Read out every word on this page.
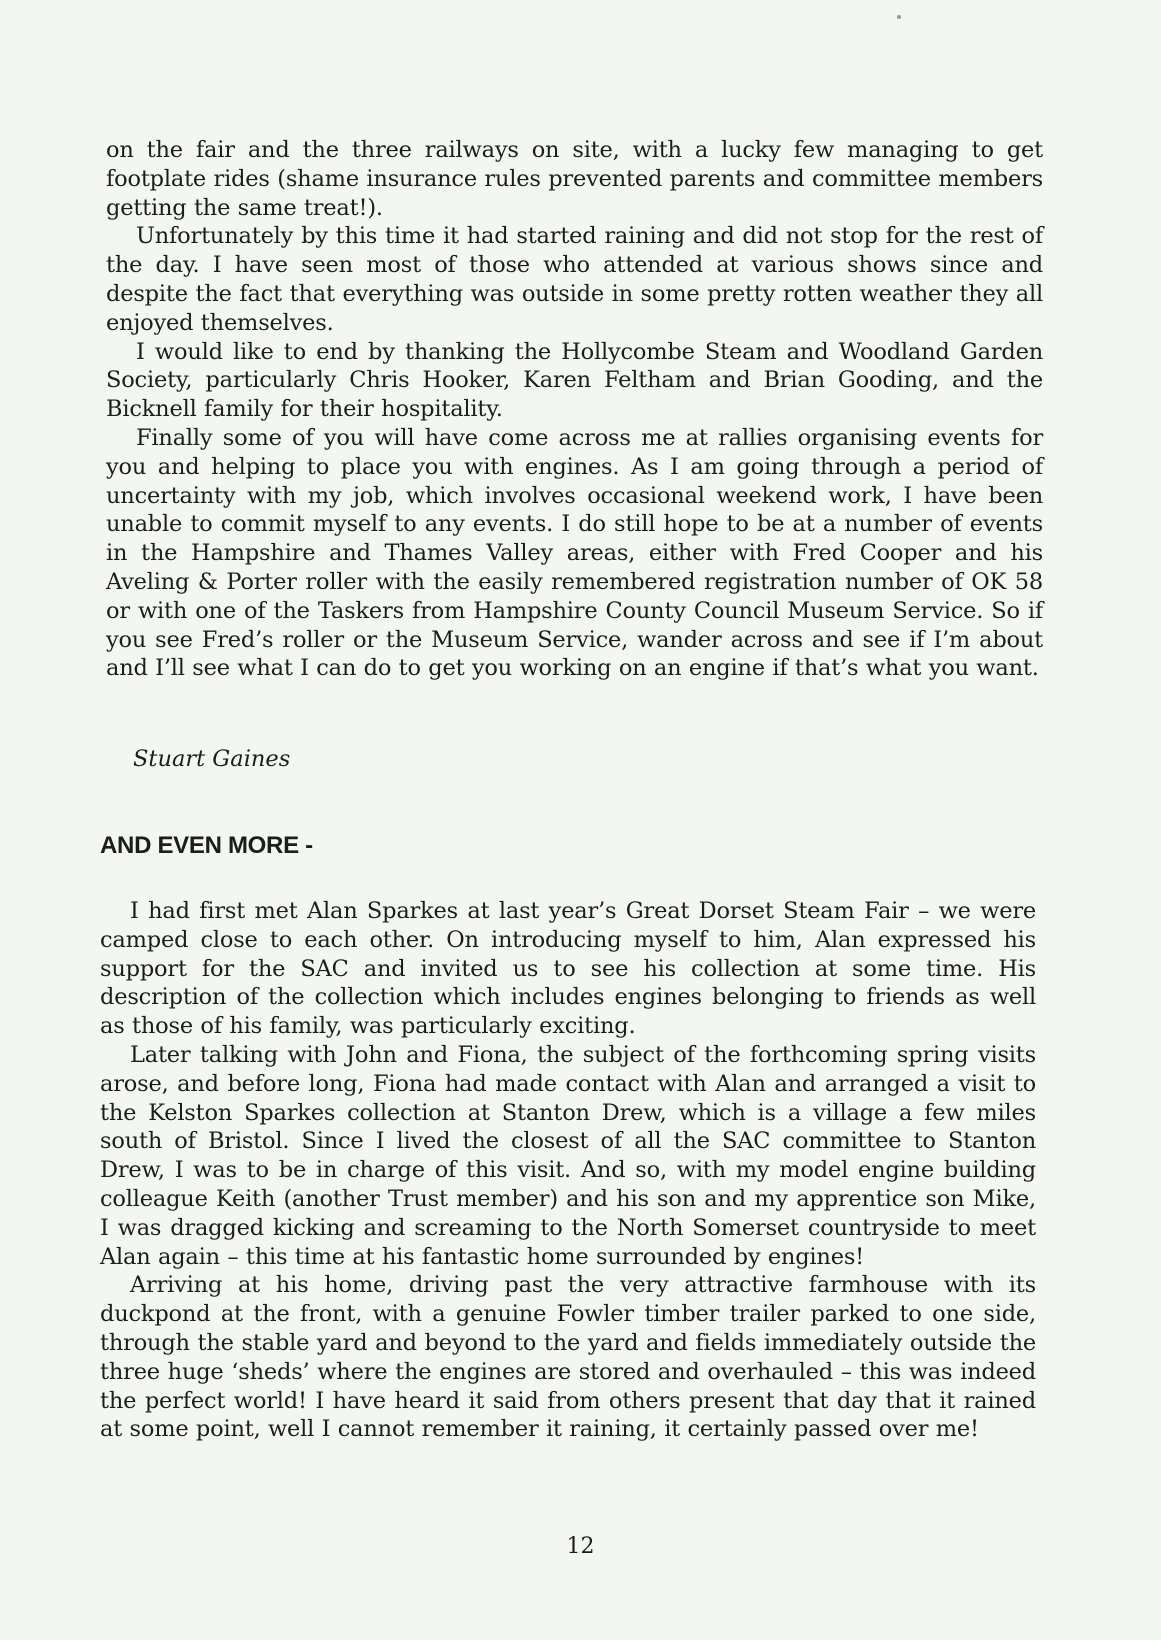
on the fair and the three railways on site, with a lucky few managing to get footplate rides (shame insurance rules prevented parents and committee members getting the same treat!).

Unfortunately by this time it had started raining and did not stop for the rest of the day. I have seen most of those who attended at various shows since and despite the fact that everything was outside in some pretty rotten weather they all enjoyed themselves.

I would like to end by thanking the Hollycombe Steam and Woodland Garden Society, particularly Chris Hooker, Karen Feltham and Brian Gooding, and the Bicknell family for their hospitality.

Finally some of you will have come across me at rallies organising events for you and helping to place you with engines. As I am going through a period of uncertainty with my job, which involves occasional weekend work, I have been unable to commit myself to any events. I do still hope to be at a number of events in the Hampshire and Thames Valley areas, either with Fred Cooper and his Aveling & Porter roller with the easily remembered registration number of OK 58 or with one of the Taskers from Hampshire County Council Museum Service. So if you see Fred’s roller or the Museum Service, wander across and see if I’m about and I’ll see what I can do to get you working on an engine if that’s what you want.

Stuart Gaines

AND EVEN MORE -

I had first met Alan Sparkes at last year’s Great Dorset Steam Fair – we were camped close to each other. On introducing myself to him, Alan expressed his support for the SAC and invited us to see his collection at some time. His description of the collection which includes engines belonging to friends as well as those of his family, was particularly exciting.

Later talking with John and Fiona, the subject of the forthcoming spring visits arose, and before long, Fiona had made contact with Alan and arranged a visit to the Kelston Sparkes collection at Stanton Drew, which is a village a few miles south of Bristol. Since I lived the closest of all the SAC committee to Stanton Drew, I was to be in charge of this visit. And so, with my model engine building colleague Keith (another Trust member) and his son and my apprentice son Mike, I was dragged kicking and screaming to the North Somerset countryside to meet Alan again – this time at his fantastic home surrounded by engines!

Arriving at his home, driving past the very attractive farmhouse with its duckpond at the front, with a genuine Fowler timber trailer parked to one side, through the stable yard and beyond to the yard and fields immediately outside the three huge ‘sheds’ where the engines are stored and overhauled – this was indeed the perfect world! I have heard it said from others present that day that it rained at some point, well I cannot remember it raining, it certainly passed over me!

12
